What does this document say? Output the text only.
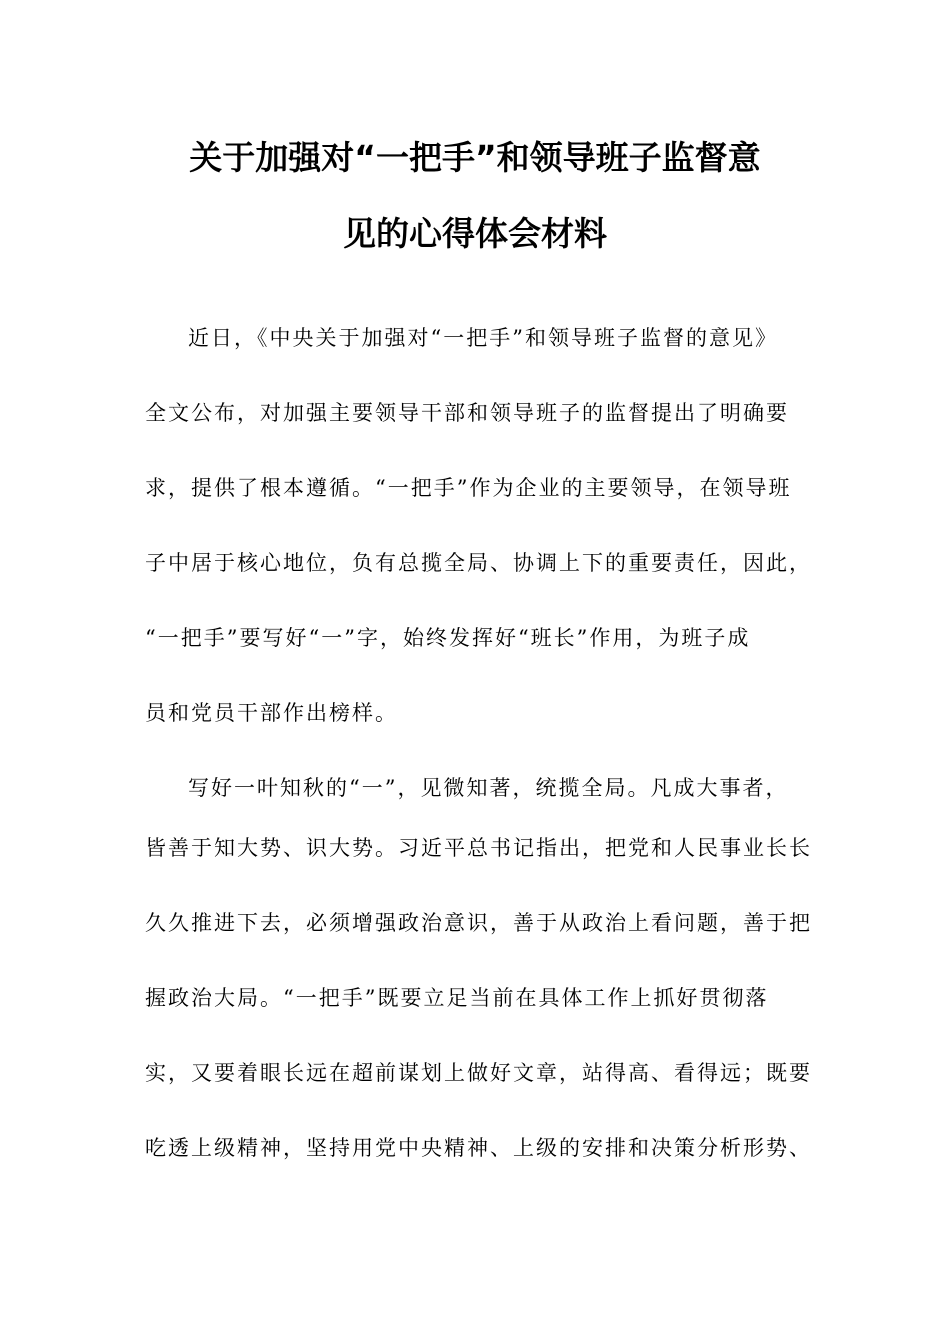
关于加强对“一把手”和领导班子监督意
见的心得体会材料
近日，《中央关于加强对“一把手”和领导班子监督的意见》
全文公布，对加强主要领导干部和领导班子的监督提出了明确要
求，提供了根本遵循。“一把手”作为企业的主要领导，在领导班
子中居于核心地位，负有总揽全局、协调上下的重要责任，因此，
“一把手”要写好“一”字，始终发挥好“班长”作用，为班子成
员和党员干部作出榜样。
写好一叶知秋的“一”，见微知著，统揽全局。凡成大事者，
皆善于知大势、识大势。习近平总书记指出，把党和人民事业长长
久久推进下去，必须增强政治意识，善于从政治上看问题，善于把
握政治大局。“一把手”既要立足当前在具体工作上抓好贯彻落
实，又要着眼长远在超前谋划上做好文章，站得高、看得远；既要
吃透上级精神，坚持用党中央精神、上级的安排和决策分析形势、
